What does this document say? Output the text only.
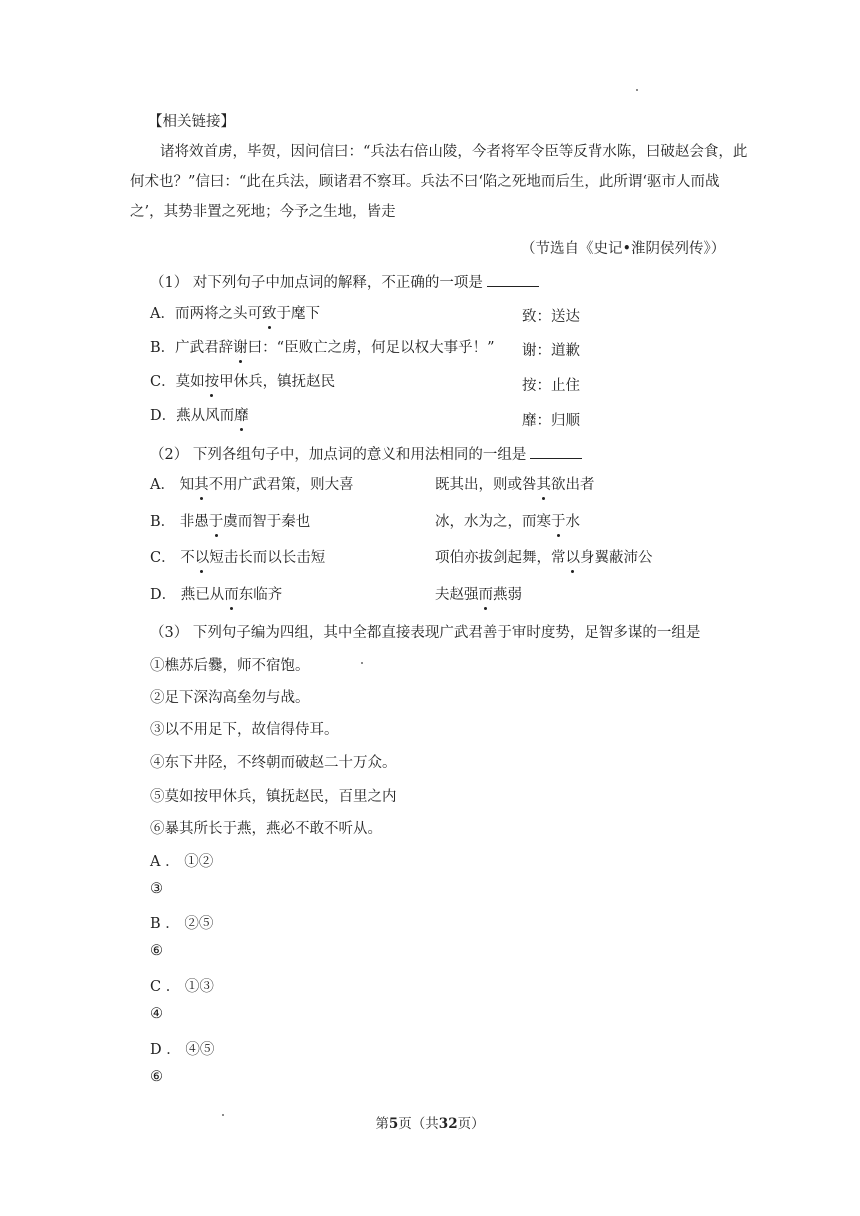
【相关链接】
诸将效首虏，毕贺，因问信曰：“兵法右倍山陵，今者将军令臣等反背水陈，曰破赵会食，此何术也？”信曰：“此在兵法，顾诸君不察耳。兵法不曰‘陷之死地而后生，此所谓‘驱市人而战之’，其势非置之死地；今予之生地，皆走
（节选自《史记•淮阴侯列传》）
（1） 对下列句子中加点词的解释，不正确的一项是
A．而两将之头可致于麾下	致：送达
B．广武君辞谢曰：“臣败亡之虏，何足以权大事乎！” 谢：道歉
C．莫如按甲休兵，镇抚赵民	按：止住
D．燕从风而靡	靡：归顺
（2） 下列各组句子中，加点词的意义和用法相同的一组是
A． 知其不用广武君策，则大喜	既其出，则或咎其欲出者
B． 非愚于虞而智于秦也	冰，水为之，而寒于水
C． 不以短击长而以长击短	项伯亦拔剑起舞，常以身翼蔽沛公
D． 燕已从而东临齐	夫赵强而燕弱
（3） 下列句子编为四组，其中全都直接表现广武君善于审时度势，足智多谋的一组是
①樵苏后爨，师不宿饱。
②足下深沟高垒勿与战。
③以不用足下，故信得侍耳。
④东下井陉，不终朝而破赵二十万众。
⑤莫如按甲休兵，镇抚赵民，百里之内
⑥暴其所长于燕，燕必不敢不听从。
A ． ①②
③
B ． ②⑤
⑥
C ． ①③
④
D ． ④⑤
⑥
第5页（共32页）
